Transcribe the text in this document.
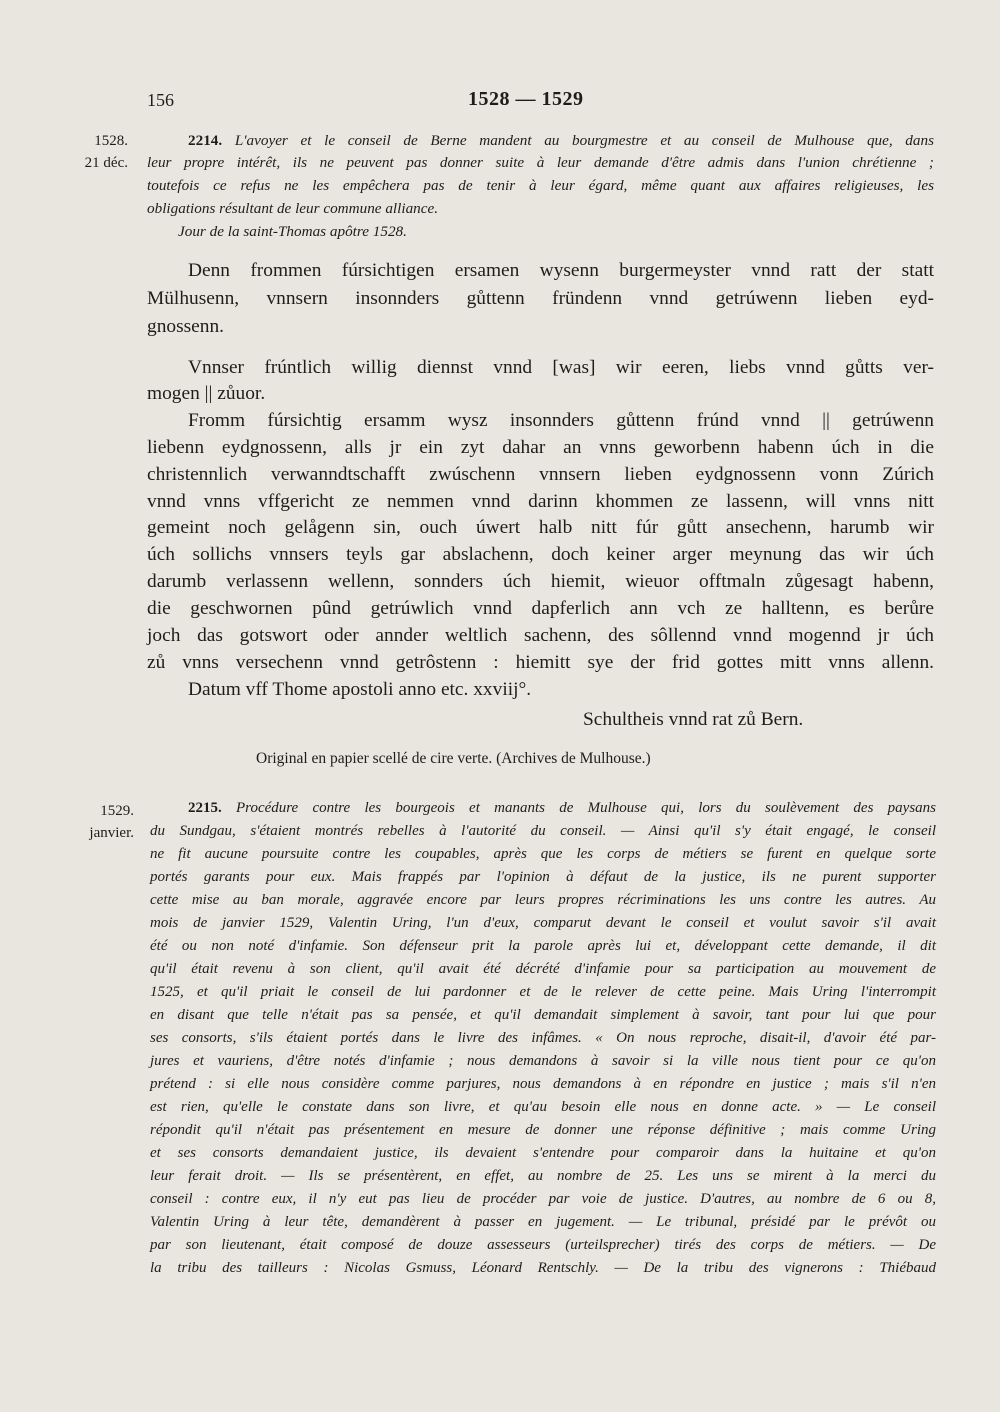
156	1528 — 1529
1528.
21 déc.
2214. L'avoyer et le conseil de Berne mandent au bourgmestre et au conseil de Mulhouse que, dans
leur propre intérêt, ils ne peuvent pas donner suite à leur demande d'être admis dans l'union chrétienne ;
toutefois ce refus ne les empêchera pas de tenir à leur égard, même quant aux affaires religieuses, les
obligations résultant de leur commune alliance.
Jour de la saint-Thomas apôtre 1528.
Denn frommen fúrsichtigen ersamen wysenn burgermeyster vnnd ratt der statt
Mülhusenn, vnnsern insonnders gůttenn fründenn vnnd getrúwenn lieben eyd-
gnossenn.
Vnnser frúntlich willig diennst vnnd [was] wir eeren, liebs vnnd gůtts ver-
mogen || zůuor.
Fromm fúrsichtig ersamm wysz insonnders gůttenn frúnd vnnd || getrúwenn
liebenn eydgnossenn, alls jr ein zyt dahar an vnns geworbenn habenn úch in die
christennlich verwanndtschafft zwúschenn vnnsern lieben eydgnossenn vonn Zúrich
vnnd vnns vffgericht ze nemmen vnnd darinn khommen ze lassenn, will vnns nitt
gemeint noch gelågenn sin, ouch úwert halb nitt fúr gůtt ansechenn, harumb wir
úch sollichs vnnsers teyls gar abslachenn, doch keiner arger meynung das wir úch
darumb verlassenn wellenn, sonnders úch hiemit, wieuor offtmaln zůgesagt habenn,
die geschwornen pûnd getrúwlich vnnd dapferlich ann vch ze halltenn, es berůre
joch das gotswort oder annder weltlich sachenn, des sôllennd vnnd mogennd jr úch
zů vnns versechenn vnnd getrôstenn : hiemitt sye der frid gottes mitt vnns allenn.
Datum vff Thome apostoli anno etc. xxviij°.
Schultheis vnnd rat zů Bern.
Original en papier scellé de cire verte. (Archives de Mulhouse.)
1529.
janvier.
2215. Procédure contre les bourgeois et manants de Mulhouse qui, lors du soulèvement des paysans
du Sundgau, s'étaient montrés rebelles à l'autorité du conseil. — Ainsi qu'il s'y était engagé, le conseil
ne fit aucune poursuite contre les coupables, après que les corps de métiers se furent en quelque sorte
portés garants pour eux. Mais frappés par l'opinion à défaut de la justice, ils ne purent supporter
cette mise au ban morale, aggravée encore par leurs propres récriminations les uns contre les autres. Au
mois de janvier 1529, Valentin Uring, l'un d'eux, comparut devant le conseil et voulut savoir s'il avait
été ou non noté d'infamie. Son défenseur prit la parole après lui et, développant cette demande, il dit
qu'il était revenu à son client, qu'il avait été décrété d'infamie pour sa participation au mouvement de
1525, et qu'il priait le conseil de lui pardonner et de le relever de cette peine. Mais Uring l'interrompit
en disant que telle n'était pas sa pensée, et qu'il demandait simplement à savoir, tant pour lui que pour
ses consorts, s'ils étaient portés dans le livre des infâmes. « On nous reproche, disait-il, d'avoir été par-
jures et vauriens, d'être notés d'infamie ; nous demandons à savoir si la ville nous tient pour ce qu'on
prétend : si elle nous considère comme parjures, nous demandons à en répondre en justice ; mais s'il n'en
est rien, qu'elle le constate dans son livre, et qu'au besoin elle nous en donne acte. » — Le conseil
répondit qu'il n'était pas présentement en mesure de donner une réponse définitive ; mais comme Uring
et ses consorts demandaient justice, ils devaient s'entendre pour comparoir dans la huitaine et qu'on
leur ferait droit. — Ils se présentèrent, en effet, au nombre de 25. Les uns se mirent à la merci du
conseil : contre eux, il n'y eut pas lieu de procéder par voie de justice. D'autres, au nombre de 6 ou 8,
Valentin Uring à leur tête, demandèrent à passer en jugement. — Le tribunal, présidé par le prévôt ou
par son lieutenant, était composé de douze assesseurs (urteilsprecher) tirés des corps de métiers. — De
la tribu des tailleurs : Nicolas Gsmuss, Léonard Rentschly. — De la tribu des vignerons : Thiébaud
